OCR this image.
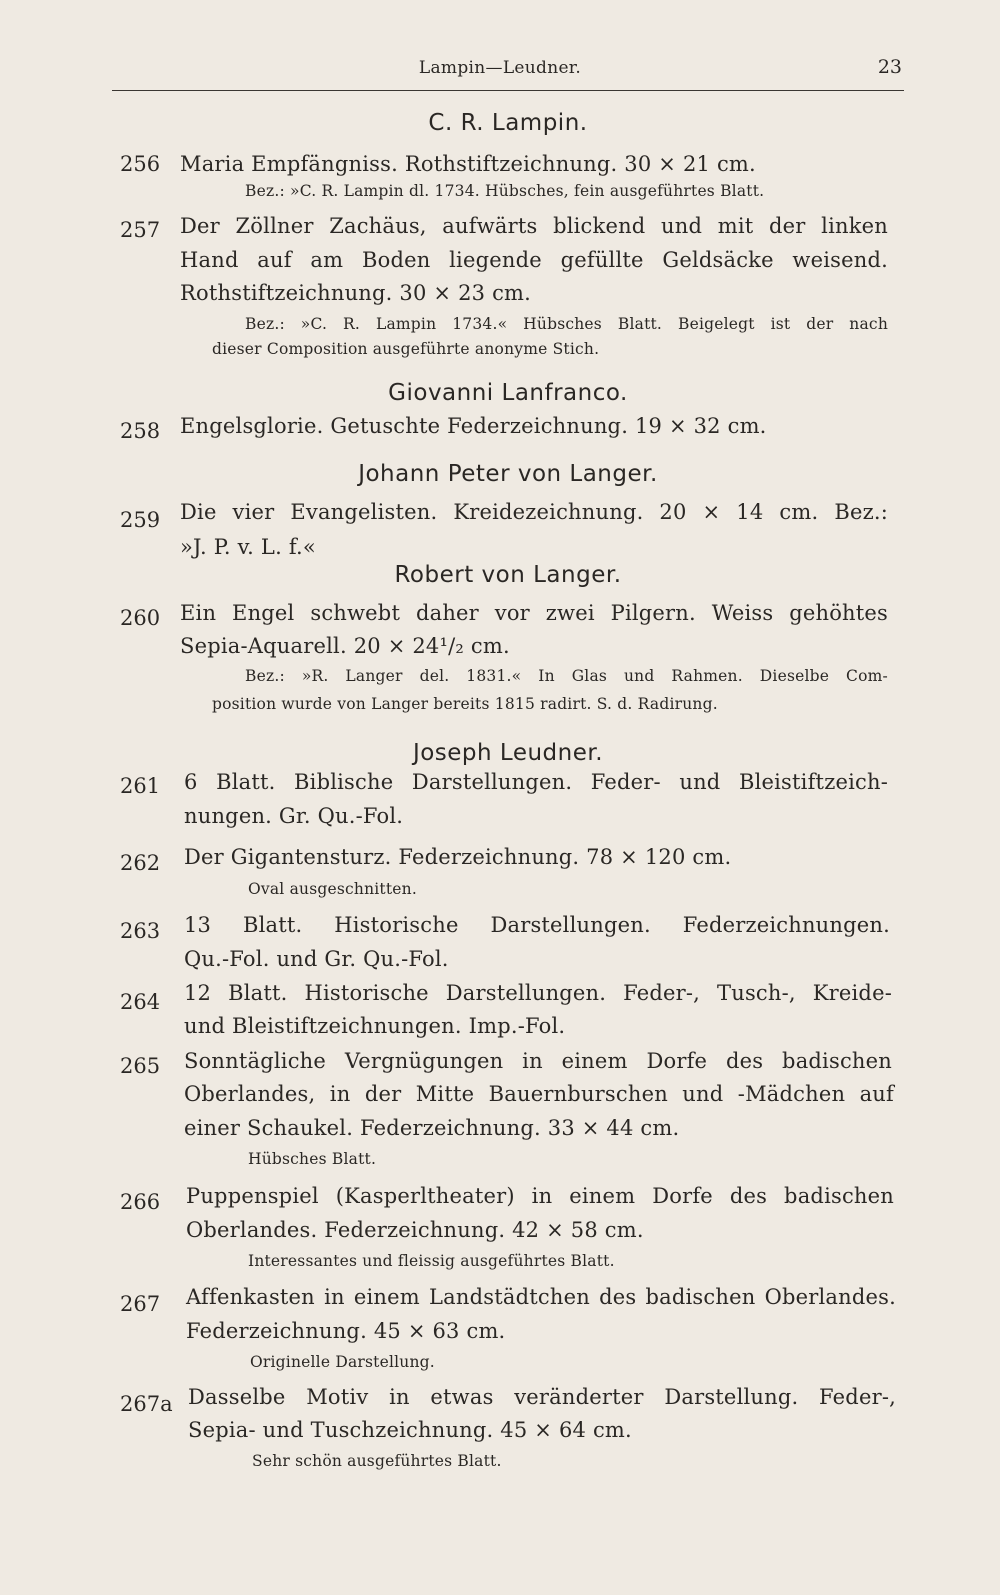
Lampin—Leudner.	23
C. R. Lampin.
256 Maria Empfängniss. Rothstiftzeichnung. 30 × 21 cm.
Bez.: »C. R. Lampin dl. 1734. Hübsches, fein ausgeführtes Blatt.
257 Der Zöllner Zachäus, aufwärts blickend und mit der linken
Hand auf am Boden liegende gefüllte Geldsäcke weisend.
Rothstiftzeichnung. 30 × 23 cm.
Bez.: »C. R. Lampin 1734.« Hübsches Blatt. Beigelegt ist der nach
dieser Composition ausgeführte anonyme Stich.
Giovanni Lanfranco.
258 Engelsglorie. Getuschte Federzeichnung. 19 × 32 cm.
Johann Peter von Langer.
259 Die vier Evangelisten. Kreidezeichnung. 20 × 14 cm. Bez.:
»J. P. v. L. f.«
Robert von Langer.
260 Ein Engel schwebt daher vor zwei Pilgern. Weiss gehöhtes
Sepia-Aquarell. 20 × 24¹/₂ cm.
Bez.: »R. Langer del. 1831.« In Glas und Rahmen. Dieselbe Com-
position wurde von Langer bereits 1815 radirt. S. d. Radirung.
Joseph Leudner.
261 6 Blatt. Biblische Darstellungen. Feder- und Bleistiftzeich-
nungen. Gr. Qu.-Fol.
262 Der Gigantensturz. Federzeichnung. 78 × 120 cm.
Oval ausgeschnitten.
263 13 Blatt. Historische Darstellungen. Federzeichnungen.
Qu.-Fol. und Gr. Qu.-Fol.
264 12 Blatt. Historische Darstellungen. Feder-, Tusch-, Kreide-
und Bleistiftzeichnungen. Imp.-Fol.
265 Sonntägliche Vergnügungen in einem Dorfe des badischen
Oberlandes, in der Mitte Bauernburschen und -Mädchen auf
einer Schaukel. Federzeichnung. 33 × 44 cm.
Hübsches Blatt.
266 Puppenspiel (Kasperltheater) in einem Dorfe des badischen
Oberlandes. Federzeichnung. 42 × 58 cm.
Interessantes und fleissig ausgeführtes Blatt.
267 Affenkasten in einem Landstädtchen des badischen Oberlandes.
Federzeichnung. 45 × 63 cm.
Originelle Darstellung.
267a Dasselbe Motiv in etwas veränderter Darstellung. Feder-,
Sepia- und Tuschzeichnung. 45 × 64 cm.
Sehr schön ausgeführtes Blatt.
